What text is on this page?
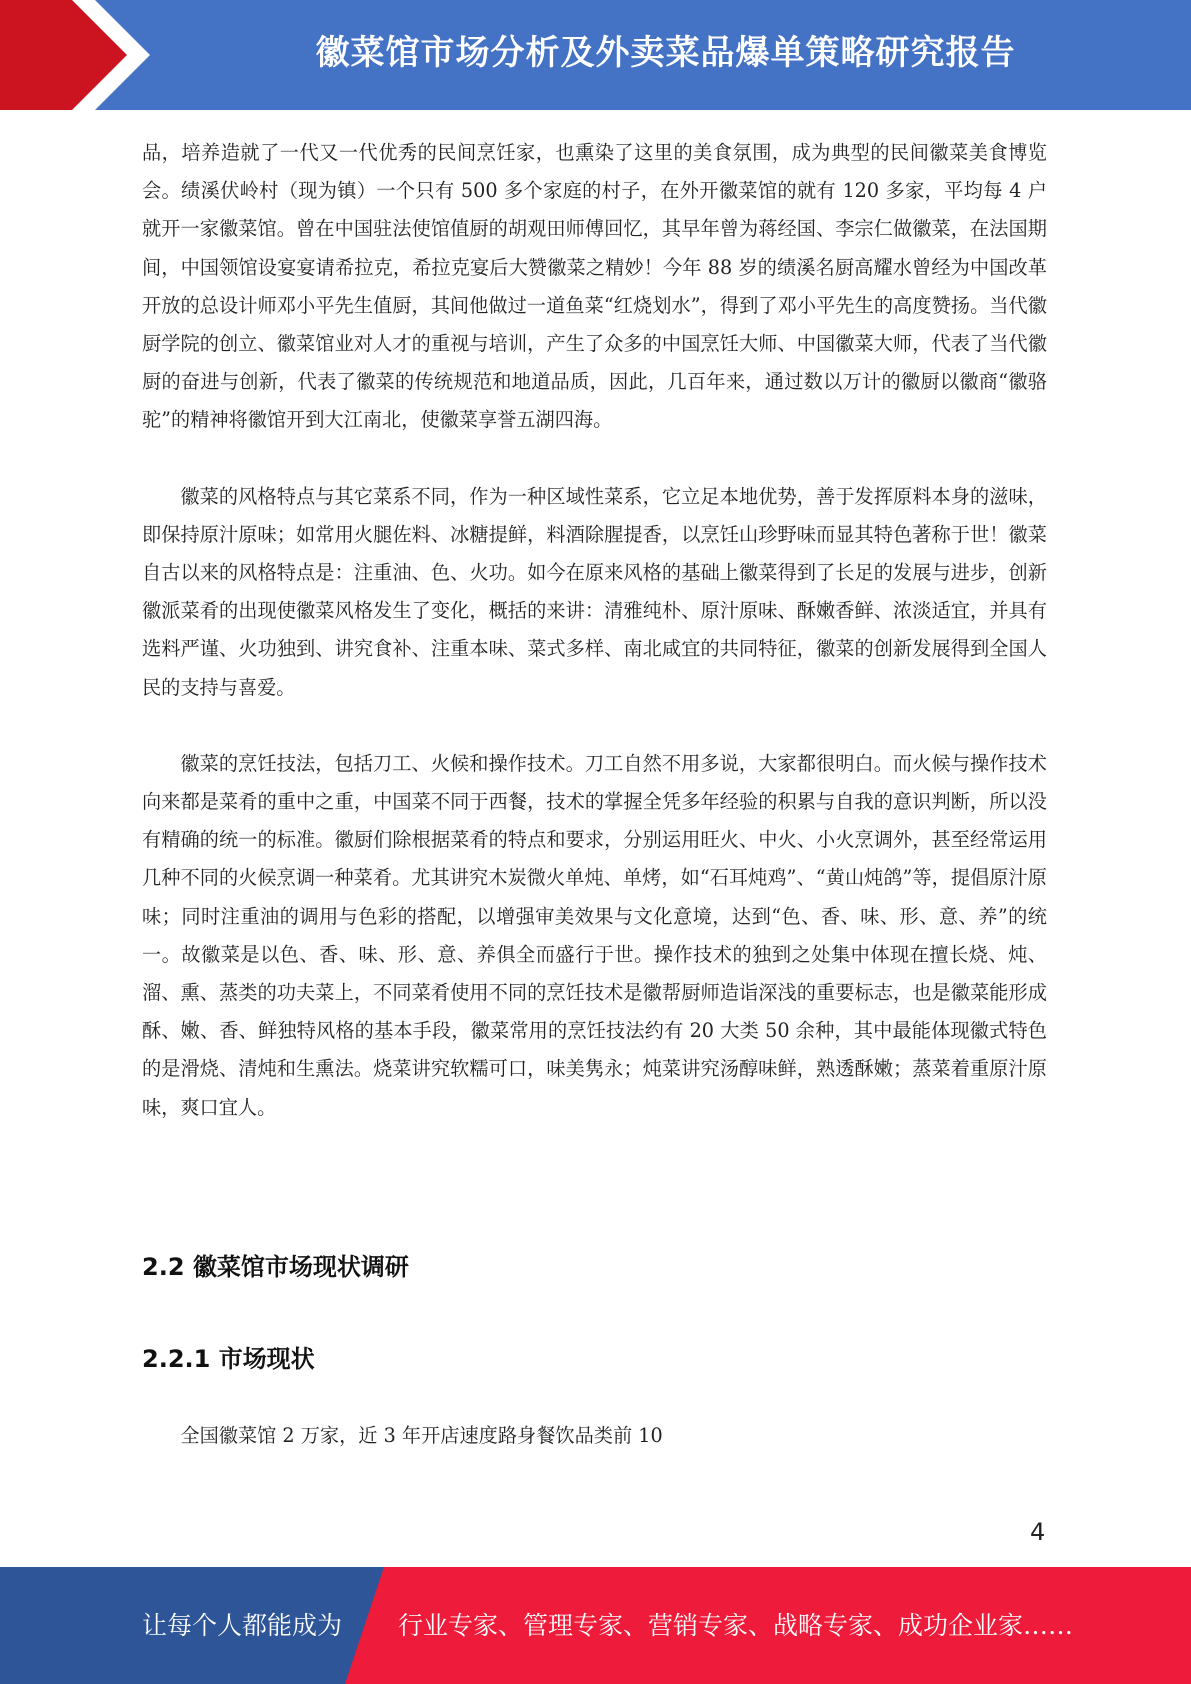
徽菜馆市场分析及外卖菜品爆单策略研究报告

品，培养造就了一代又一代优秀的民间烹饪家，也熏染了这里的美食氛围，成为典型的民间徽菜美食博览会。绩溪伏岭村（现为镇）一个只有 500 多个家庭的村子，在外开徽菜馆的就有 120 多家，平均每 4 户就开一家徽菜馆。曾在中国驻法使馆值厨的胡观田师傅回忆，其早年曾为蒋经国、李宗仁做徽菜，在法国期间，中国领馆设宴宴请希拉克，希拉克宴后大赞徽菜之精妙！今年 88 岁的绩溪名厨高耀水曾经为中国改革开放的总设计师邓小平先生值厨，其间他做过一道鱼菜“红烧划水”，得到了邓小平先生的高度赞扬。当代徽厨学院的创立、徽菜馆业对人才的重视与培训，产生了众多的中国烹饪大师、中国徽菜大师，代表了当代徽厨的奋进与创新，代表了徽菜的传统规范和地道品质，因此，几百年来，通过数以万计的徽厨以徽商“徽骆驼”的精神将徽馆开到大江南北，使徽菜享誉五湖四海。

徽菜的风格特点与其它菜系不同，作为一种区域性菜系，它立足本地优势，善于发挥原料本身的滋味，即保持原汁原味；如常用火腿佐料、冰糖提鲜，料酒除腥提香，以烹饪山珍野味而显其特色著称于世！徽菜自古以来的风格特点是：注重油、色、火功。如今在原来风格的基础上徽菜得到了长足的发展与进步，创新徽派菜肴的出现使徽菜风格发生了变化，概括的来讲：清雅纯朴、原汁原味、酥嫩香鲜、浓淡适宜，并具有选料严谨、火功独到、讲究食补、注重本味、菜式多样、南北咸宜的共同特征，徽菜的创新发展得到全国人民的支持与喜爱。

徽菜的烹饪技法，包括刀工、火候和操作技术。刀工自然不用多说，大家都很明白。而火候与操作技术向来都是菜肴的重中之重，中国菜不同于西餐，技术的掌握全凭多年经验的积累与自我的意识判断，所以没有精确的统一的标准。徽厨们除根据菜肴的特点和要求，分别运用旺火、中火、小火烹调外，甚至经常运用几种不同的火候烹调一种菜肴。尤其讲究木炭微火单炖、单烤，如“石耳炖鸡”、“黄山炖鸽”等，提倡原汁原味；同时注重油的调用与色彩的搭配，以增强审美效果与文化意境，达到“色、香、味、形、意、养”的统一。故徽菜是以色、香、味、形、意、养俱全而盛行于世。操作技术的独到之处集中体现在擅长烧、炖、溜、熏、蒸类的功夫菜上，不同菜肴使用不同的烹饪技术是徽帮厨师造诣深浅的重要标志，也是徽菜能形成酥、嫩、香、鲜独特风格的基本手段，徽菜常用的烹饪技法约有 20 大类 50 余种，其中最能体现徽式特色的是滑烧、清炖和生熏法。烧菜讲究软糯可口，味美隽永；炖菜讲究汤醇味鲜，熟透酥嫩；蒸菜着重原汁原味，爽口宜人。

2.2 徽菜馆市场现状调研
2.2.1 市场现状

全国徽菜馆 2 万家，近 3 年开店速度路身餐饮品类前 10

4
让每个人都能成为 行业专家、管理专家、营销专家、战略专家、成功企业家……
